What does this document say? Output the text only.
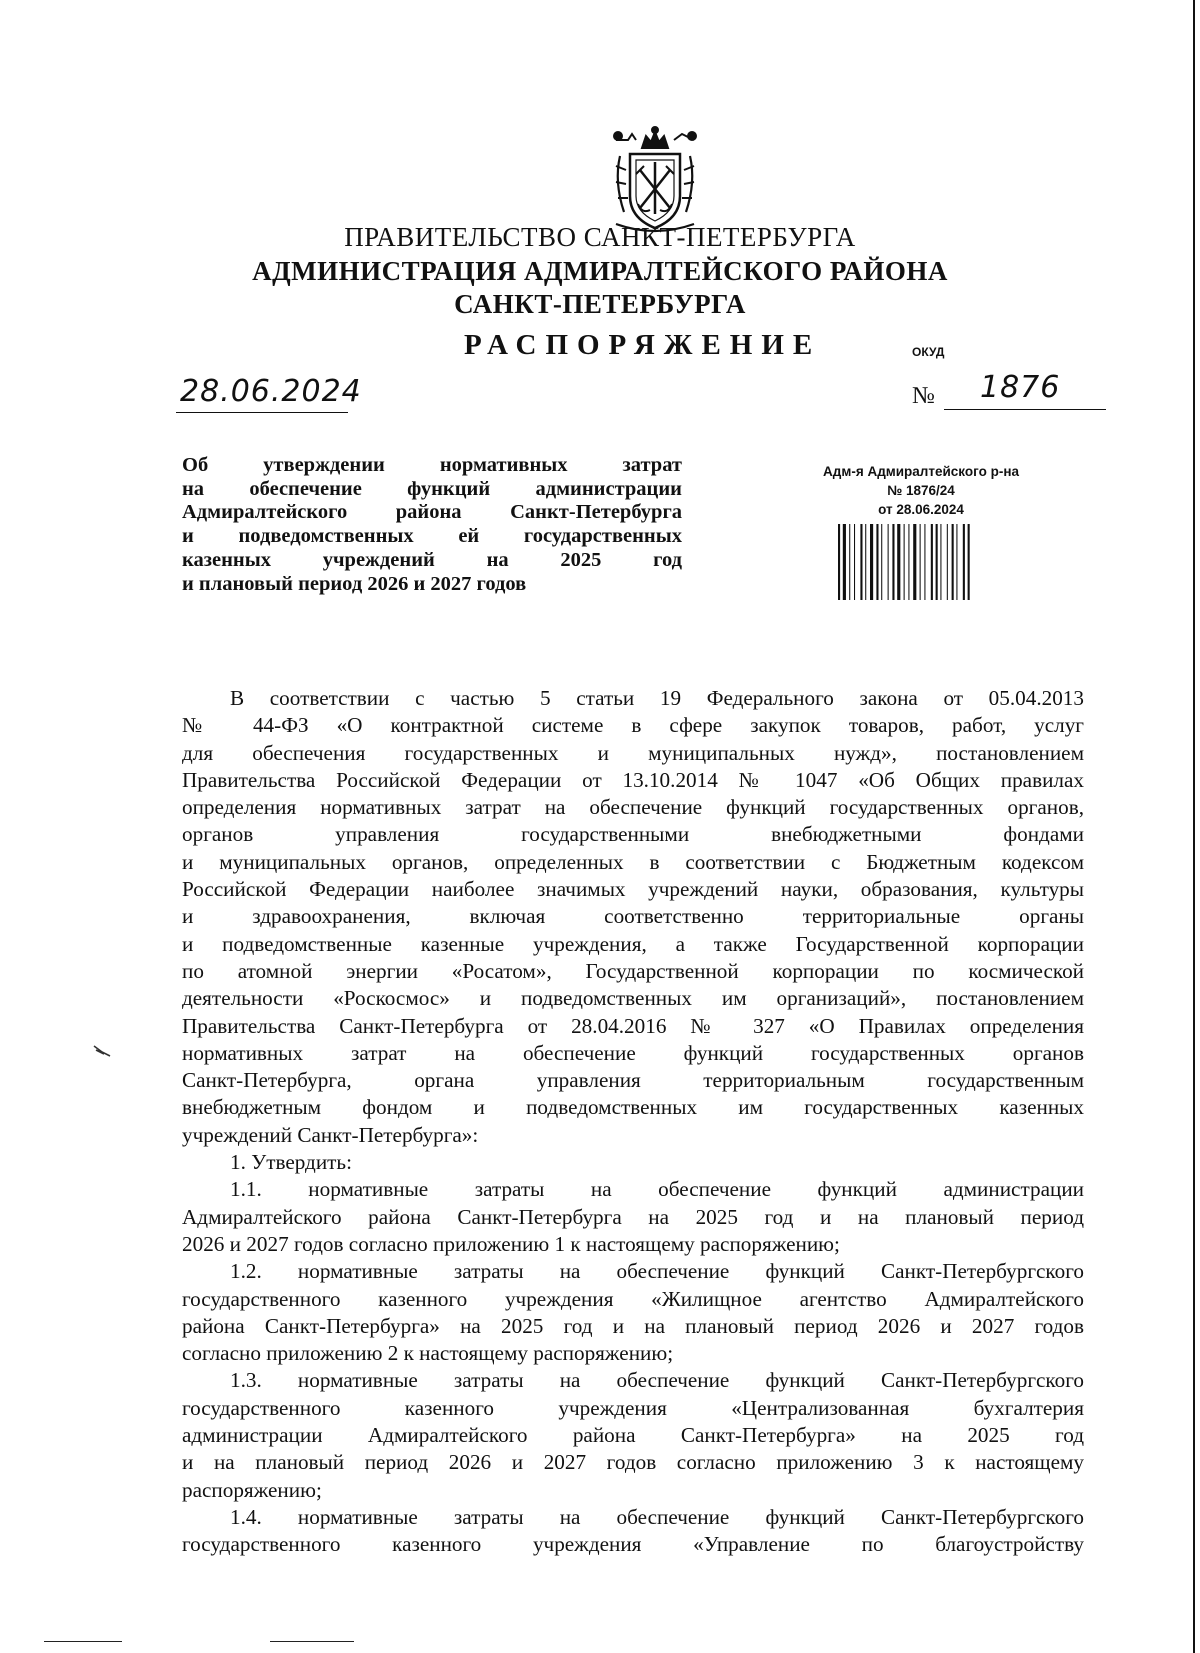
ПРАВИТЕЛЬСТВО САНКТ-ПЕТЕРБУРГА
АДМИНИСТРАЦИЯ АДМИРАЛТЕЙСКОГО РАЙОНА
САНКТ-ПЕТЕРБУРГА
РАСПОРЯЖЕНИЕ	ОКУД
28.06.2024	№ 1876
Об утверждении нормативных затрат
на обеспечение функций администрации
Адмиралтейского района Санкт-Петербурга
и подведомственных ей государственных
казенных учреждений на 2025 год
и плановый период 2026 и 2027 годов
Адм-я Адмиралтейского р-на
№ 1876/24
от 28.06.2024
В соответствии с частью 5 статьи 19 Федерального закона от 05.04.2013
№ 44-ФЗ «О контрактной системе в сфере закупок товаров, работ, услуг
для обеспечения государственных и муниципальных нужд», постановлением
Правительства Российской Федерации от 13.10.2014 № 1047 «Об Общих правилах
определения нормативных затрат на обеспечение функций государственных органов,
органов управления государственными внебюджетными фондами
и муниципальных органов, определенных в соответствии с Бюджетным кодексом
Российской Федерации наиболее значимых учреждений науки, образования, культуры
и здравоохранения, включая соответственно территориальные органы
и подведомственные казенные учреждения, а также Государственной корпорации
по атомной энергии «Росатом», Государственной корпорации по космической
деятельности «Роскосмос» и подведомственных им организаций», постановлением
Правительства Санкт-Петербурга от 28.04.2016 № 327 «О Правилах определения
нормативных затрат на обеспечение функций государственных органов
Санкт-Петербурга, органа управления территориальным государственным
внебюджетным фондом и подведомственных им государственных казенных
учреждений Санкт-Петербурга»:
1. Утвердить:
1.1. нормативные затраты на обеспечение функций администрации
Адмиралтейского района Санкт-Петербурга на 2025 год и на плановый период
2026 и 2027 годов согласно приложению 1 к настоящему распоряжению;
1.2. нормативные затраты на обеспечение функций Санкт-Петербургского
государственного казенного учреждения «Жилищное агентство Адмиралтейского
района Санкт-Петербурга» на 2025 год и на плановый период 2026 и 2027 годов
согласно приложению 2 к настоящему распоряжению;
1.3. нормативные затраты на обеспечение функций Санкт-Петербургского
государственного казенного учреждения «Централизованная бухгалтерия
администрации Адмиралтейского района Санкт-Петербурга» на 2025 год
и на плановый период 2026 и 2027 годов согласно приложению 3 к настоящему
распоряжению;
1.4. нормативные затраты на обеспечение функций Санкт-Петербургского
государственного казенного учреждения «Управление по благоустройству
